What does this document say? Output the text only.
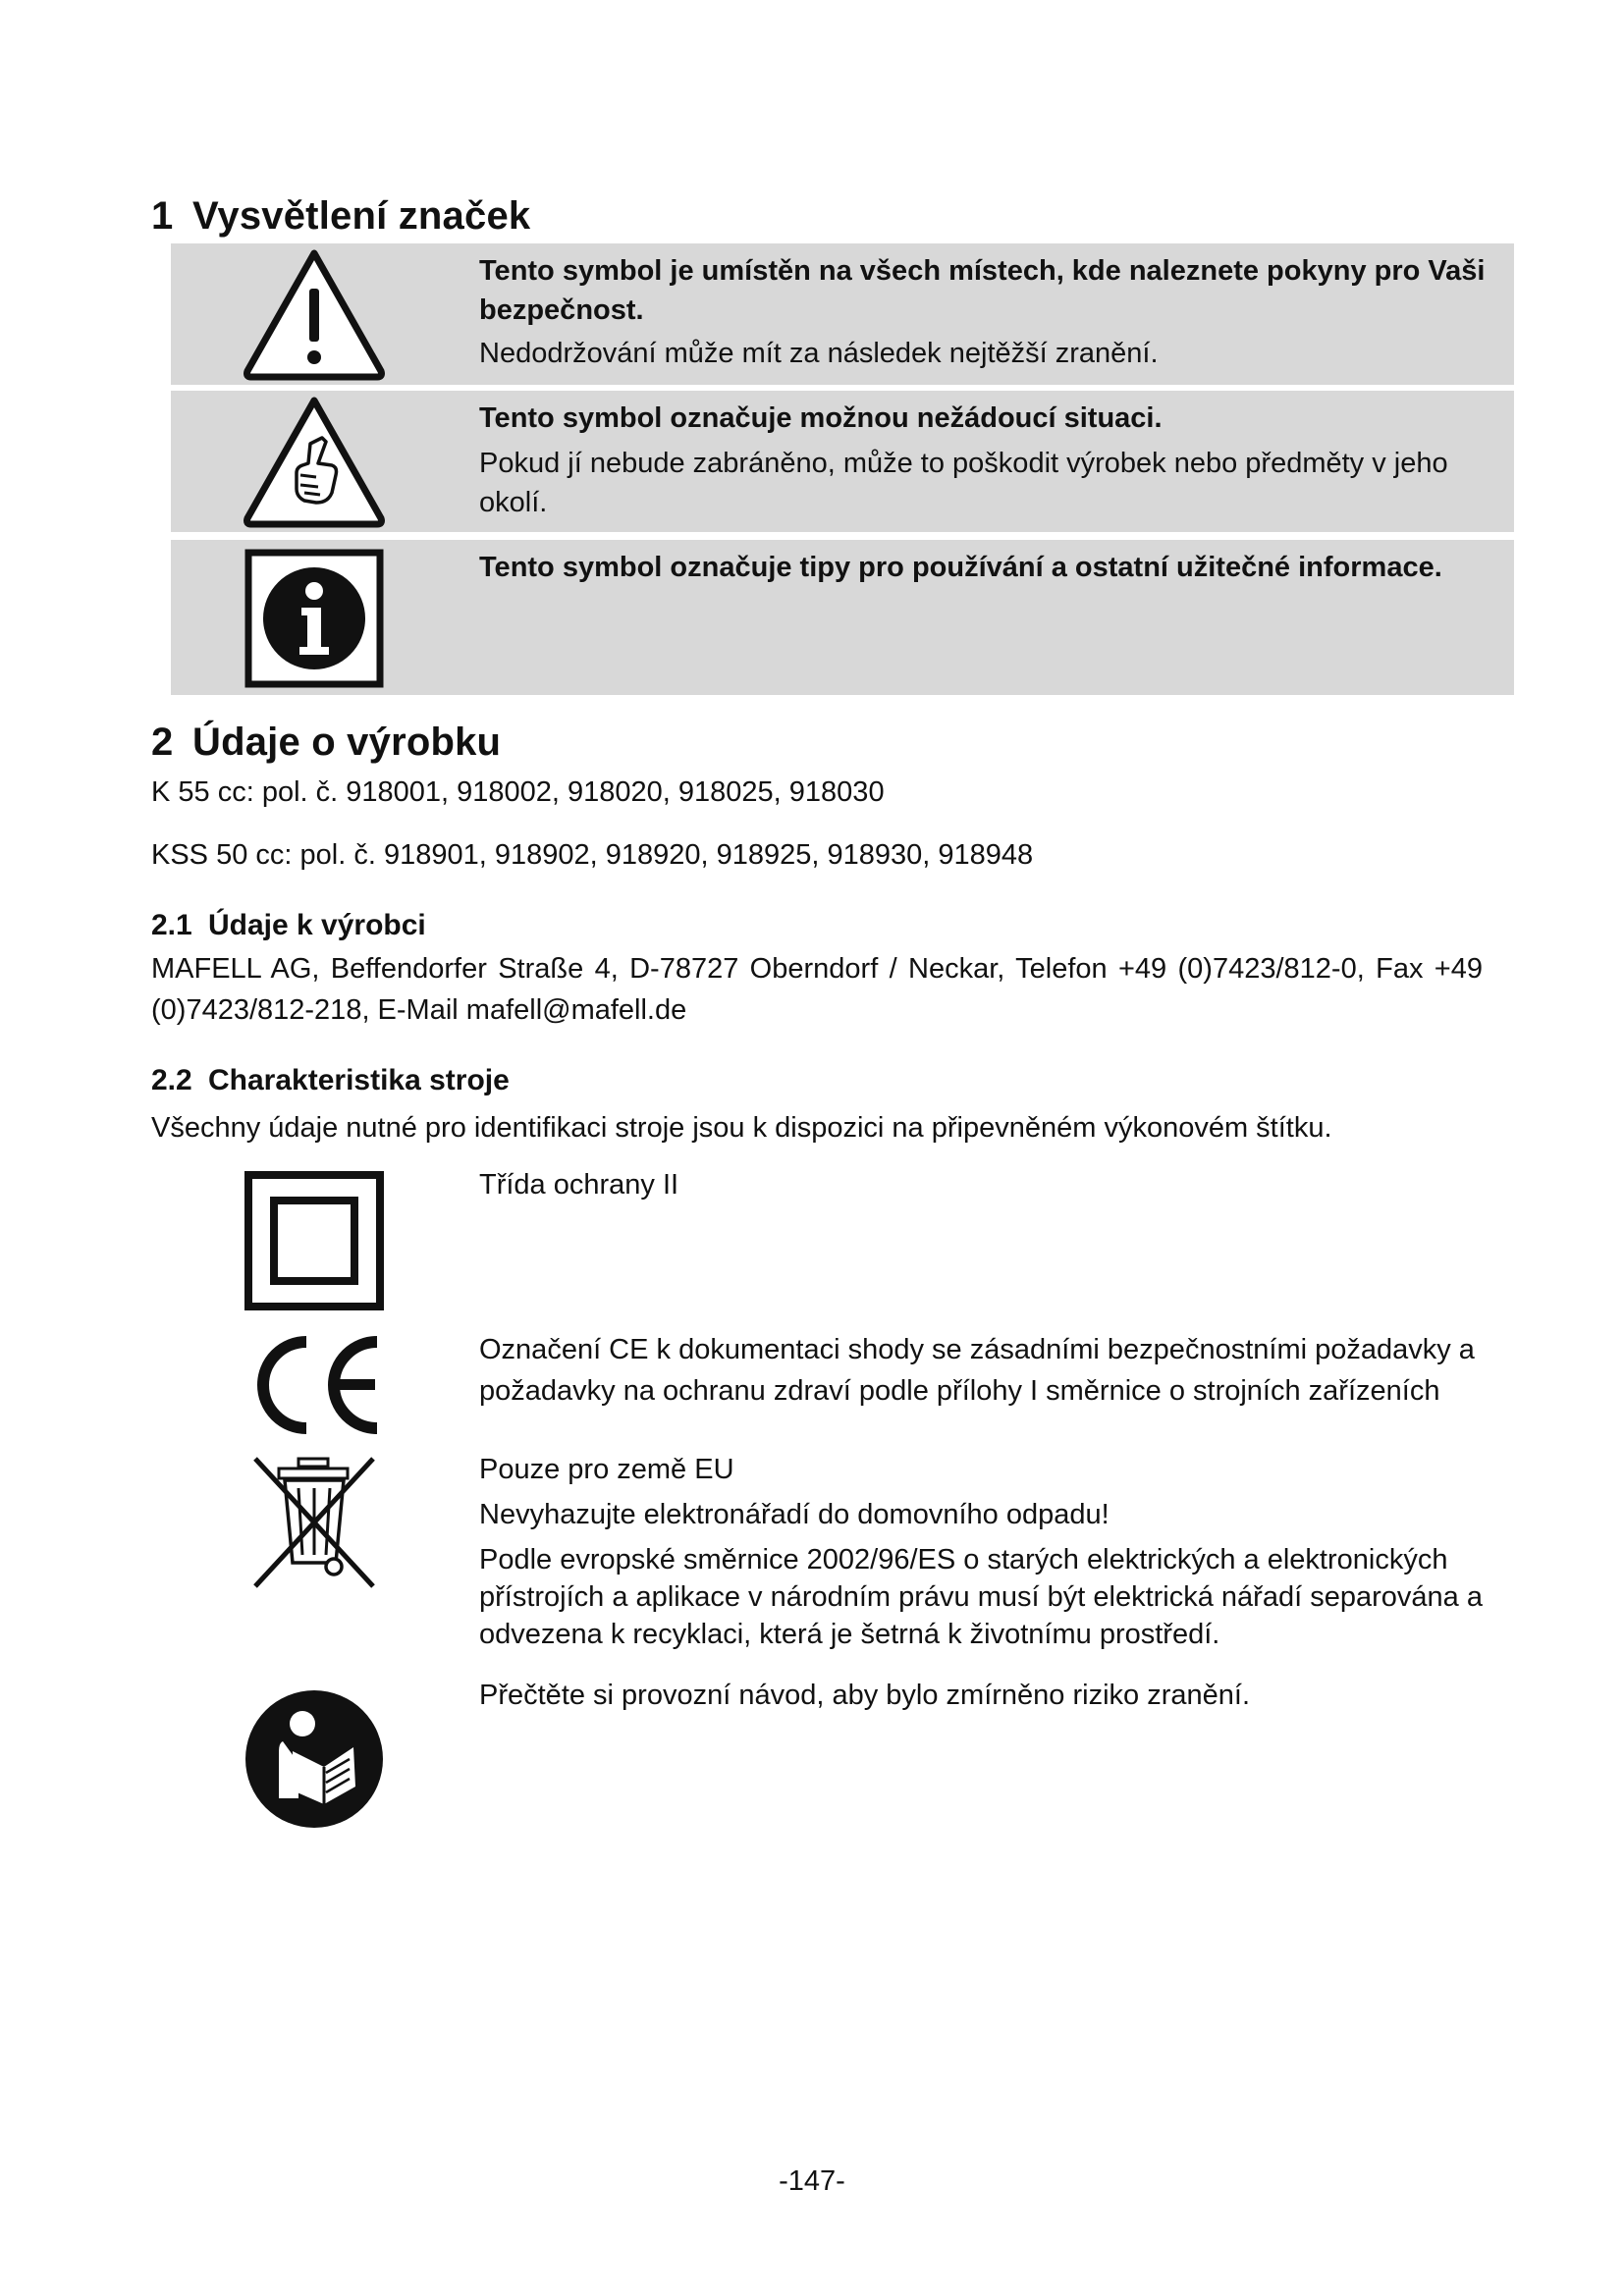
1 Vysvětlení značek
Tento symbol je umístěn na všech místech, kde naleznete pokyny pro Vaši bezpečnost.
Nedodržování může mít za následek nejtěžší zranění.
Tento symbol označuje možnou nežádoucí situaci.
Pokud jí nebude zabráněno, může to poškodit výrobek nebo předměty v jeho okolí.
Tento symbol označuje tipy pro používání a ostatní užitečné informace.
2 Údaje o výrobku

K 55 cc: pol. č. 918001, 918002, 918020, 918025, 918030

KSS 50 cc: pol. č. 918901, 918902, 918920, 918925, 918930, 918948

2.1 Údaje k výrobci

MAFELL AG, Beffendorfer Straße 4, D-78727 Oberndorf / Neckar, Telefon +49 (0)7423/812-0, Fax +49 (0)7423/812-218, E-Mail mafell@mafell.de

2.2 Charakteristika stroje

Všechny údaje nutné pro identifikaci stroje jsou k dispozici na připevněném výkonovém štítku.

Třída ochrany II

Označení CE k dokumentaci shody se zásadními bezpečnostními požadavky a požadavky na ochranu zdraví podle přílohy I směrnice o strojních zařízeních

Pouze pro země EU

Nevyhazujte elektronářadí do domovního odpadu!

Podle evropské směrnice 2002/96/ES o starých elektrických a elektronických přístrojích a aplikace v národním právu musí být elektrická nářadí separována a odvezena k recyklaci, která je šetrná k životnímu prostředí.

Přečtěte si provozní návod, aby bylo zmírněno riziko zranění.

-147-
